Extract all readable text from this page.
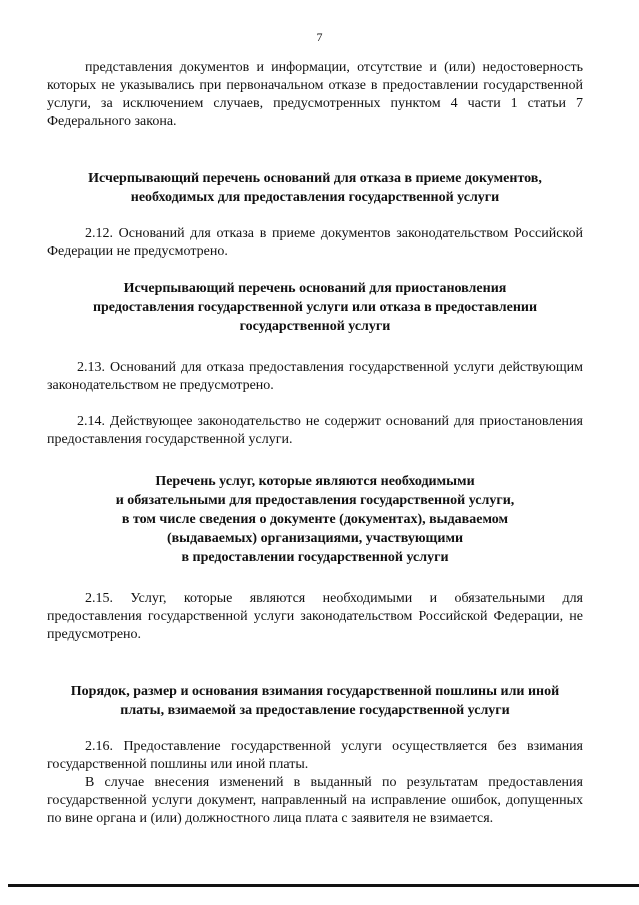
7

представления документов и информации, отсутствие и (или) недостоверность которых не указывались при первоначальном отказе в предоставлении государственной услуги, за исключением случаев, предусмотренных пунктом 4 части 1 статьи 7 Федерального закона.

Исчерпывающий перечень оснований для отказа в приеме документов,
необходимых для предоставления государственной услуги

2.12. Оснований для отказа в приеме документов законодательством Российской Федерации не предусмотрено.

Исчерпывающий перечень оснований для приостановления
предоставления государственной услуги или отказа в предоставлении
государственной услуги

2.13. Оснований для отказа предоставления государственной услуги действующим законодательством не предусмотрено.

2.14. Действующее законодательство не содержит оснований для приостановления предоставления государственной услуги.

Перечень услуг, которые являются необходимыми
и обязательными для предоставления государственной услуги,
в том числе сведения о документе (документах), выдаваемом
(выдаваемых) организациями, участвующими
в предоставлении государственной услуги

2.15. Услуг, которые являются необходимыми и обязательными для предоставления государственной услуги законодательством Российской Федерации, не предусмотрено.

Порядок, размер и основания взимания государственной пошлины или иной
платы, взимаемой за предоставление государственной услуги

2.16. Предоставление государственной услуги осуществляется без взимания государственной пошлины или иной платы.

В случае внесения изменений в выданный по результатам предоставления государственной услуги документ, направленный на исправление ошибок, допущенных по вине органа и (или) должностного лица плата с заявителя не взимается.
